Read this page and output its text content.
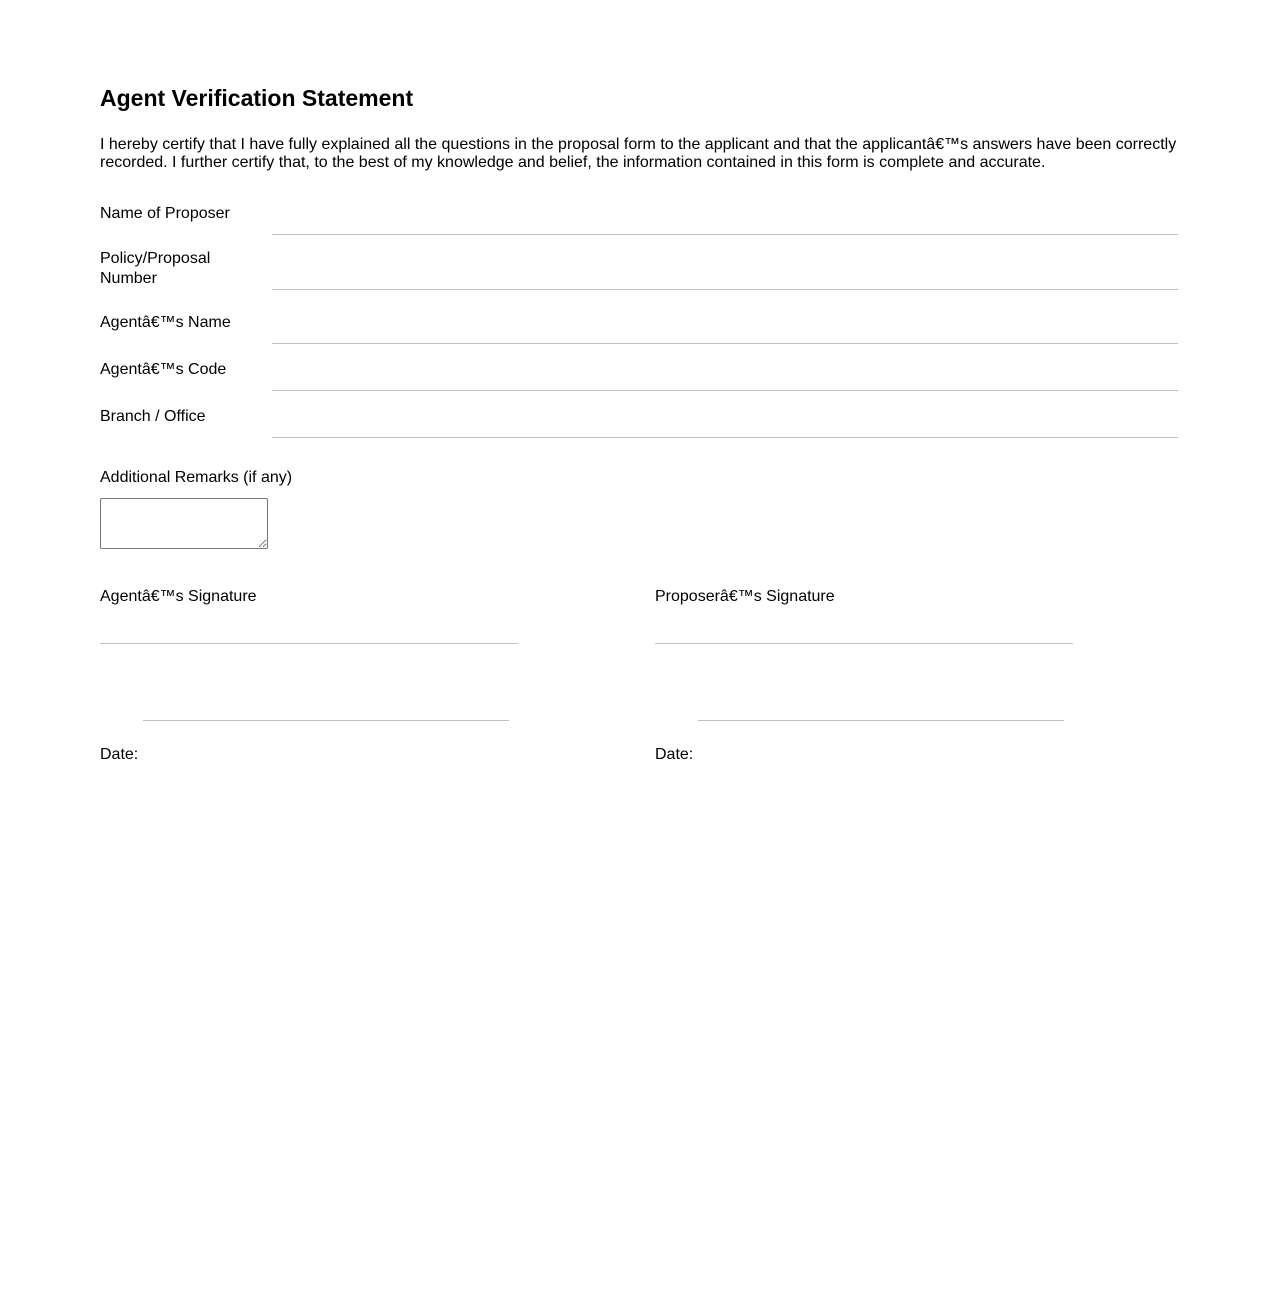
Agent Verification Statement
I hereby certify that I have fully explained all the questions in the proposal form to the applicant and that the applicantâ€™s answers have been correctly recorded. I further certify that, to the best of my knowledge and belief, the information contained in this form is complete and accurate.
Name of Proposer
Policy/Proposal Number
Agentâ€™s Name
Agentâ€™s Code
Branch / Office
Additional Remarks (if any)
Agentâ€™s Signature
Date:
Proposerâ€™s Signature
Date:
